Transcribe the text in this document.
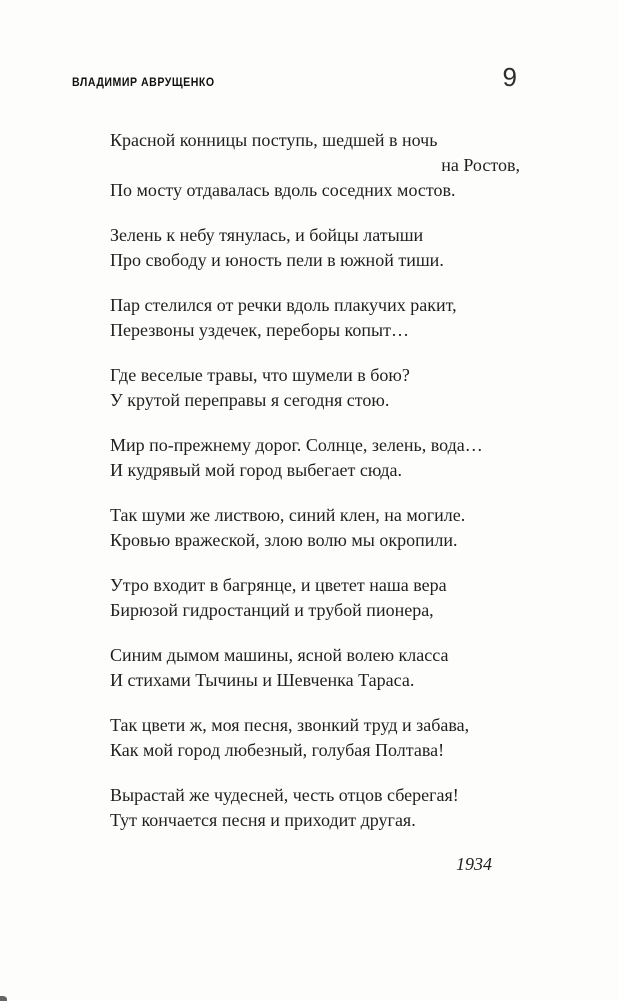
ВЛАДИМИР АВРУЩЕНКО	9
Красной конницы поступь, шедшей в ночь
на Ростов,
По мосту отдавалась вдоль соседних мостов.
Зелень к небу тянулась, и бойцы латыши
Про свободу и юность пели в южной тиши.
Пар стелился от речки вдоль плакучих ракит,
Перезвоны уздечек, переборы копыт…
Где веселые травы, что шумели в бою?
У крутой переправы я сегодня стою.
Мир по-прежнему дорог. Солнце, зелень, вода…
И кудрявый мой город выбегает сюда.
Так шуми же листвою, синий клен, на могиле.
Кровью вражеской, злою волю мы окропили.
Утро входит в багрянце, и цветет наша вера
Бирюзой гидростанций и трубой пионера,
Синим дымом машины, ясной волею класса
И стихами Тычины и Шевченка Тараса.
Так цвети ж, моя песня, звонкий труд и забава,
Как мой город любезный, голубая Полтава!
Вырастай же чудесней, честь отцов сберегая!
Тут кончается песня и приходит другая.
1934
